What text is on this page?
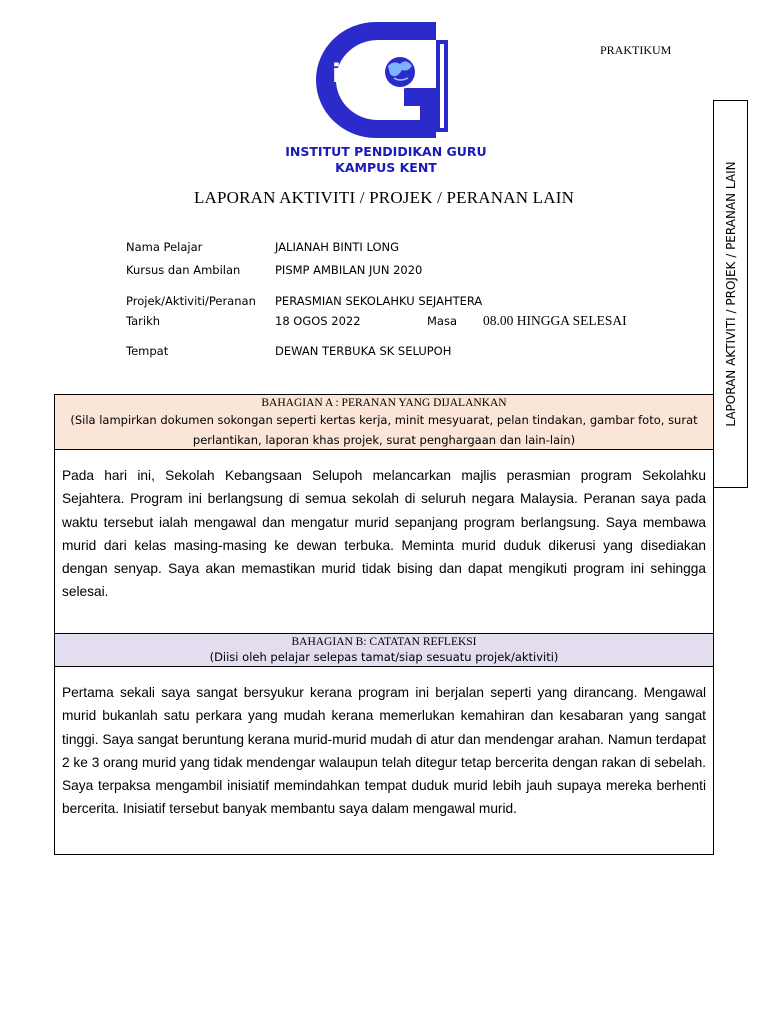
iPG
INSTITUT PENDIDIKAN GURU
KAMPUS KENT
PRAKTIKUM
LAPORAN AKTIVITI / PROJEK / PERANAN LAIN
LAPORAN AKTIVITI / PROJEK / PERANAN LAIN
Nama Pelajar	JALIANAH BINTI LONG
Kursus dan Ambilan	PISMP AMBILAN JUN 2020
Projek/Aktiviti/Peranan PERASMIAN SEKOLAHKU SEJAHTERA
Tarikh	18 OGOS 2022	Masa 08.00 HINGGA SELESAI
Tempat	DEWAN TERBUKA SK SELUPOH
BAHAGIAN A : PERANAN YANG DIJALANKAN
(Sila lampirkan dokumen sokongan seperti kertas kerja, minit mesyuarat, pelan tindakan, gambar foto, surat perlantikan, laporan khas projek, surat penghargaan dan lain-lain)
Pada hari ini, Sekolah Kebangsaan Selupoh melancarkan majlis perasmian program Sekolahku Sejahtera. Program ini berlangsung di semua sekolah di seluruh negara Malaysia. Peranan saya pada waktu tersebut ialah mengawal dan mengatur murid sepanjang program berlangsung. Saya membawa murid dari kelas masing-masing ke dewan terbuka. Meminta murid duduk dikerusi yang disediakan dengan senyap. Saya akan memastikan murid tidak bising dan dapat mengikuti program ini sehingga selesai.
BAHAGIAN B: CATATAN REFLEKSI
(Diisi oleh pelajar selepas tamat/siap sesuatu projek/aktiviti)
Pertama sekali saya sangat bersyukur kerana program ini berjalan seperti yang dirancang. Mengawal murid bukanlah satu perkara yang mudah kerana memerlukan kemahiran dan kesabaran yang sangat tinggi. Saya sangat beruntung kerana murid-murid mudah di atur dan mendengar arahan. Namun terdapat 2 ke 3 orang murid yang tidak mendengar walaupun telah ditegur tetap bercerita dengan rakan di sebelah. Saya terpaksa mengambil inisiatif memindahkan tempat duduk murid lebih jauh supaya mereka berhenti bercerita. Inisiatif tersebut banyak membantu saya dalam mengawal murid.
